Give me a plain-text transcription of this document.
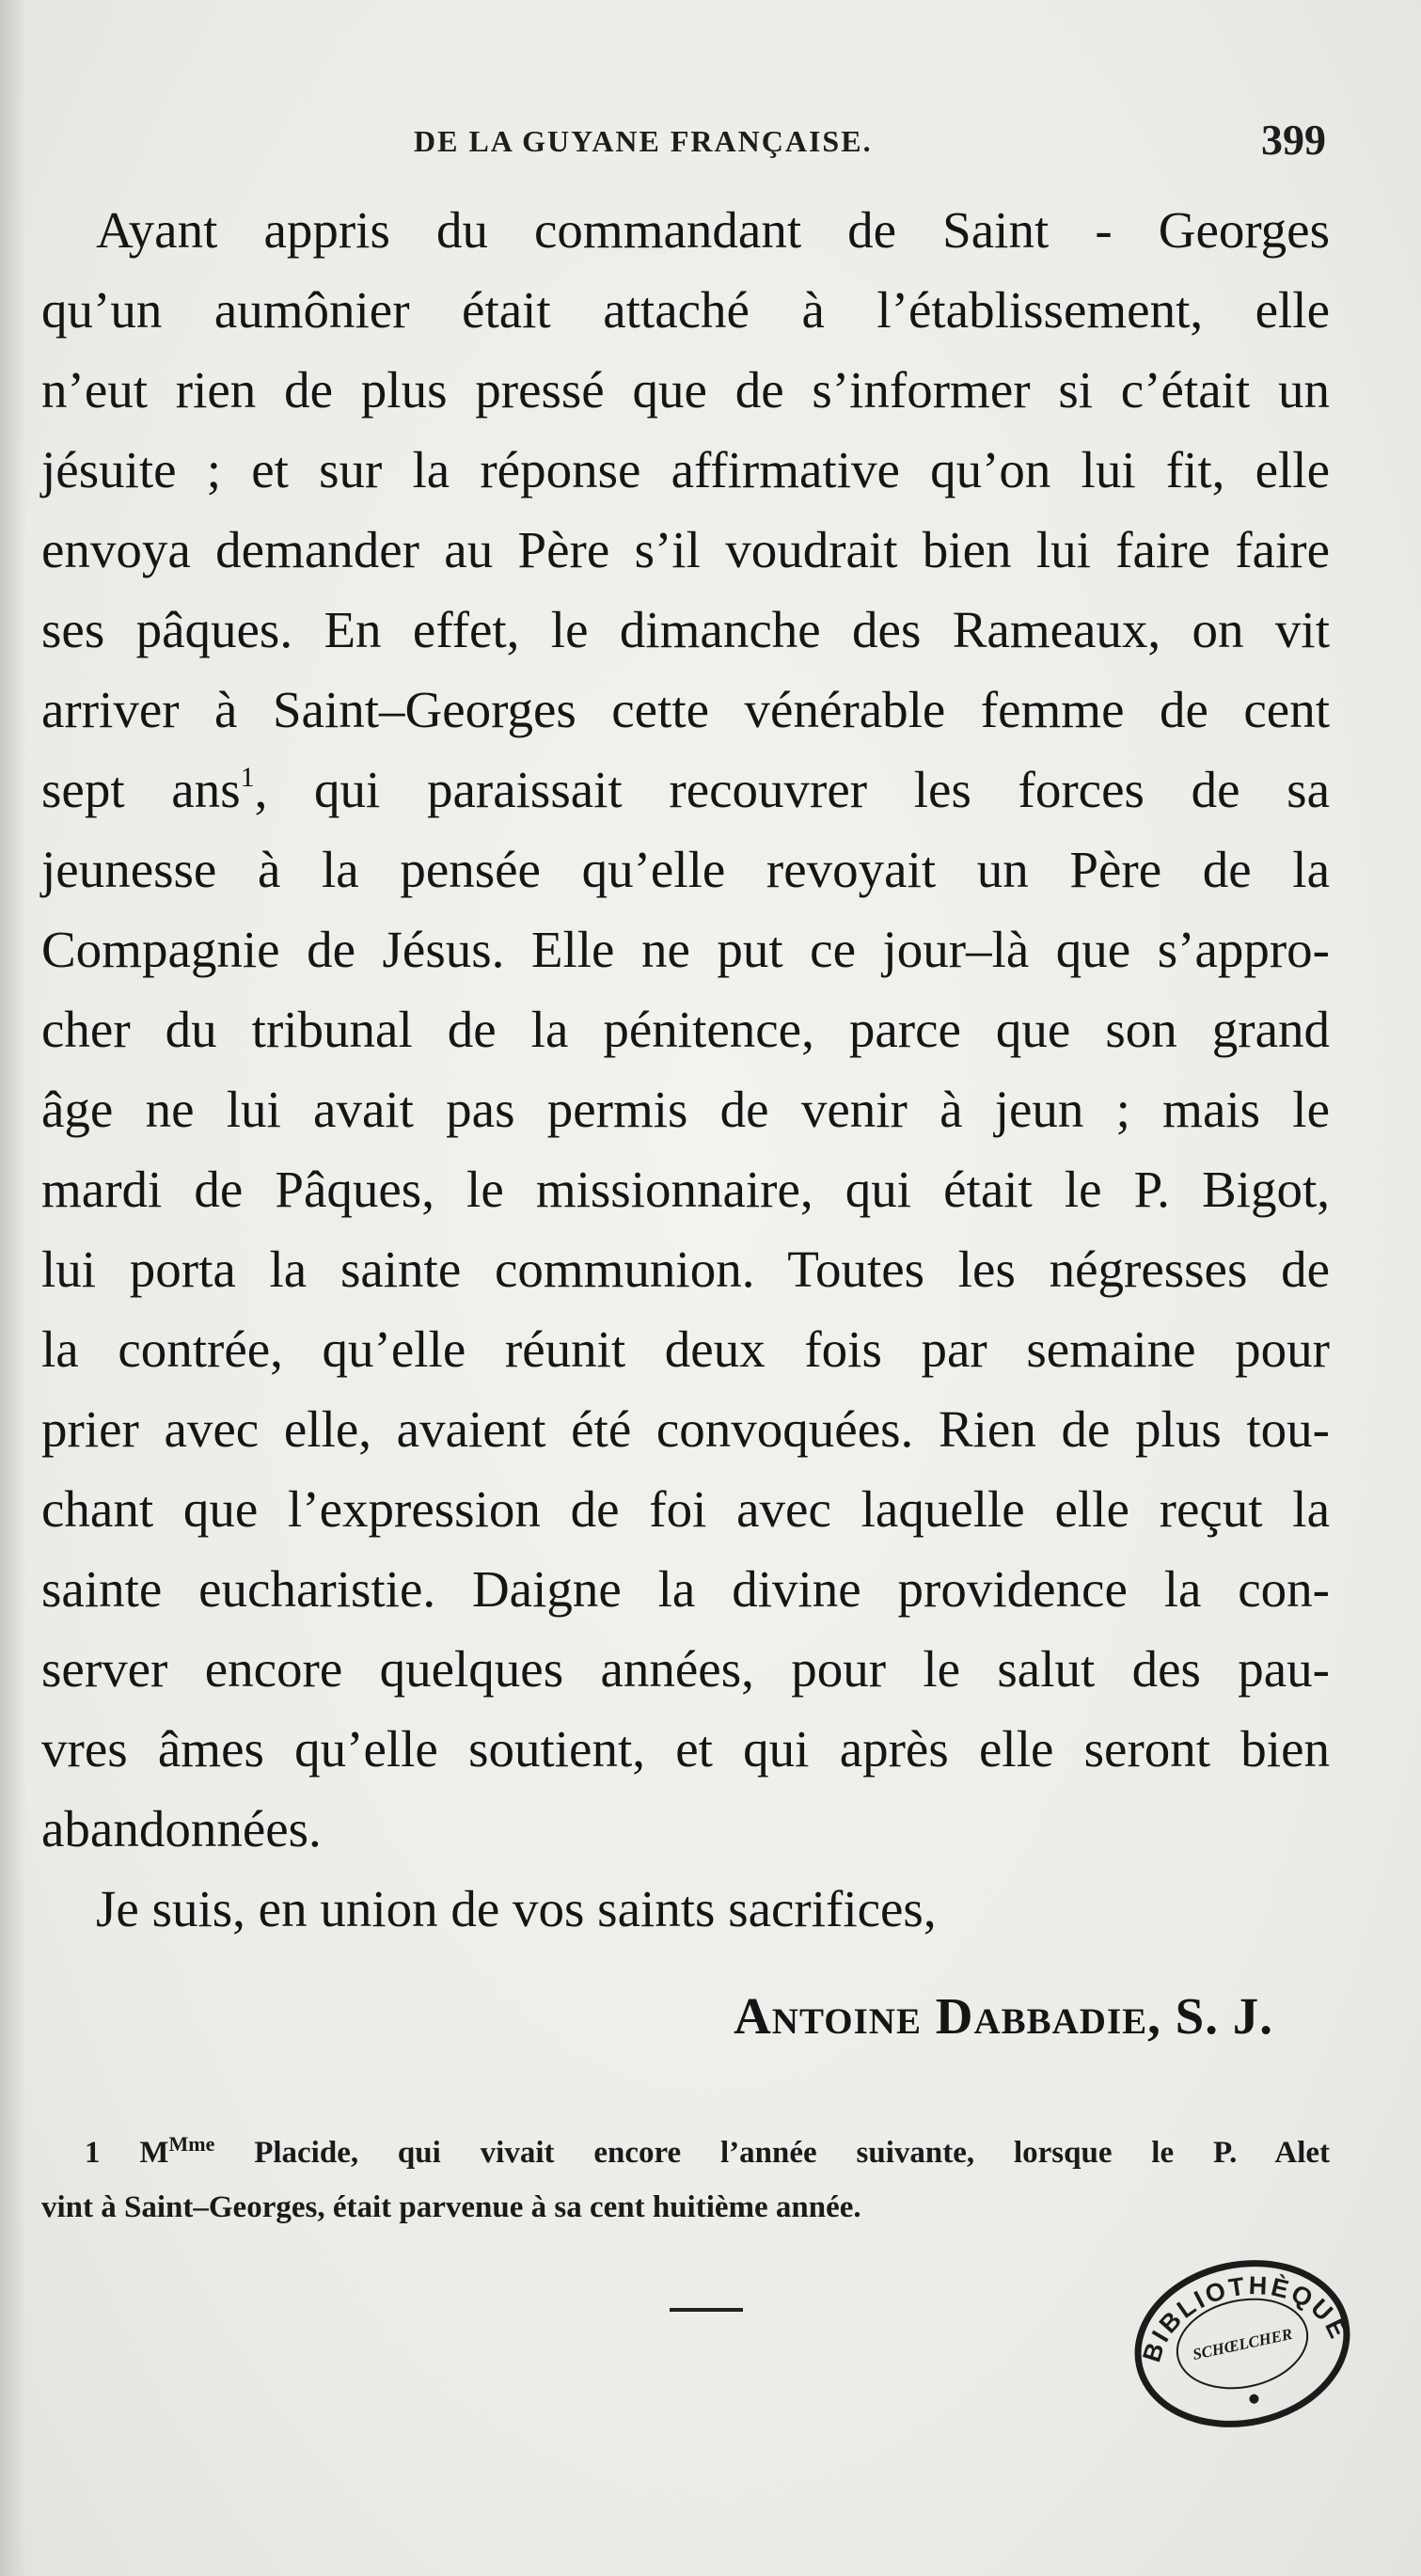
DE LA GUYANE FRANÇAISE.	399
Ayant appris du commandant de Saint - Georges
qu’un aumônier était attaché à l’établissement, elle
n’eut rien de plus pressé que de s’informer si c’était un
jésuite ; et sur la réponse affirmative qu’on lui fit, elle
envoya demander au Père s’il voudrait bien lui faire faire
ses pâques. En effet, le dimanche des Rameaux, on vit
arriver à Saint–Georges cette vénérable femme de cent
sept ans$^1$, qui paraissait recouvrer les forces de sa
jeunesse à la pensée qu’elle revoyait un Père de la
Compagnie de Jésus. Elle ne put ce jour–là que s’appro-
cher du tribunal de la pénitence, parce que son grand
âge ne lui avait pas permis de venir à jeun ; mais le
mardi de Pâques, le missionnaire, qui était le P. Bigot,
lui porta la sainte communion. Toutes les négresses de
la contrée, qu’elle réunit deux fois par semaine pour
prier avec elle, avaient été convoquées. Rien de plus tou-
chant que l’expression de foi avec laquelle elle reçut la
sainte eucharistie. Daigne la divine providence la con-
server encore quelques années, pour le salut des pau-
vres âmes qu’elle soutient, et qui après elle seront bien
abandonnées.
Je suis, en union de vos saints sacrifices,
Antoine Dabbadie, S. J.
1 $M^{Mme}$ Placide, qui vivait encore l’année suivante, lorsque le P. Alet
vint à Saint–Georges, était parvenue à sa cent huitième année.
BIBLIOTHÈQUE
SCHŒLCHER
